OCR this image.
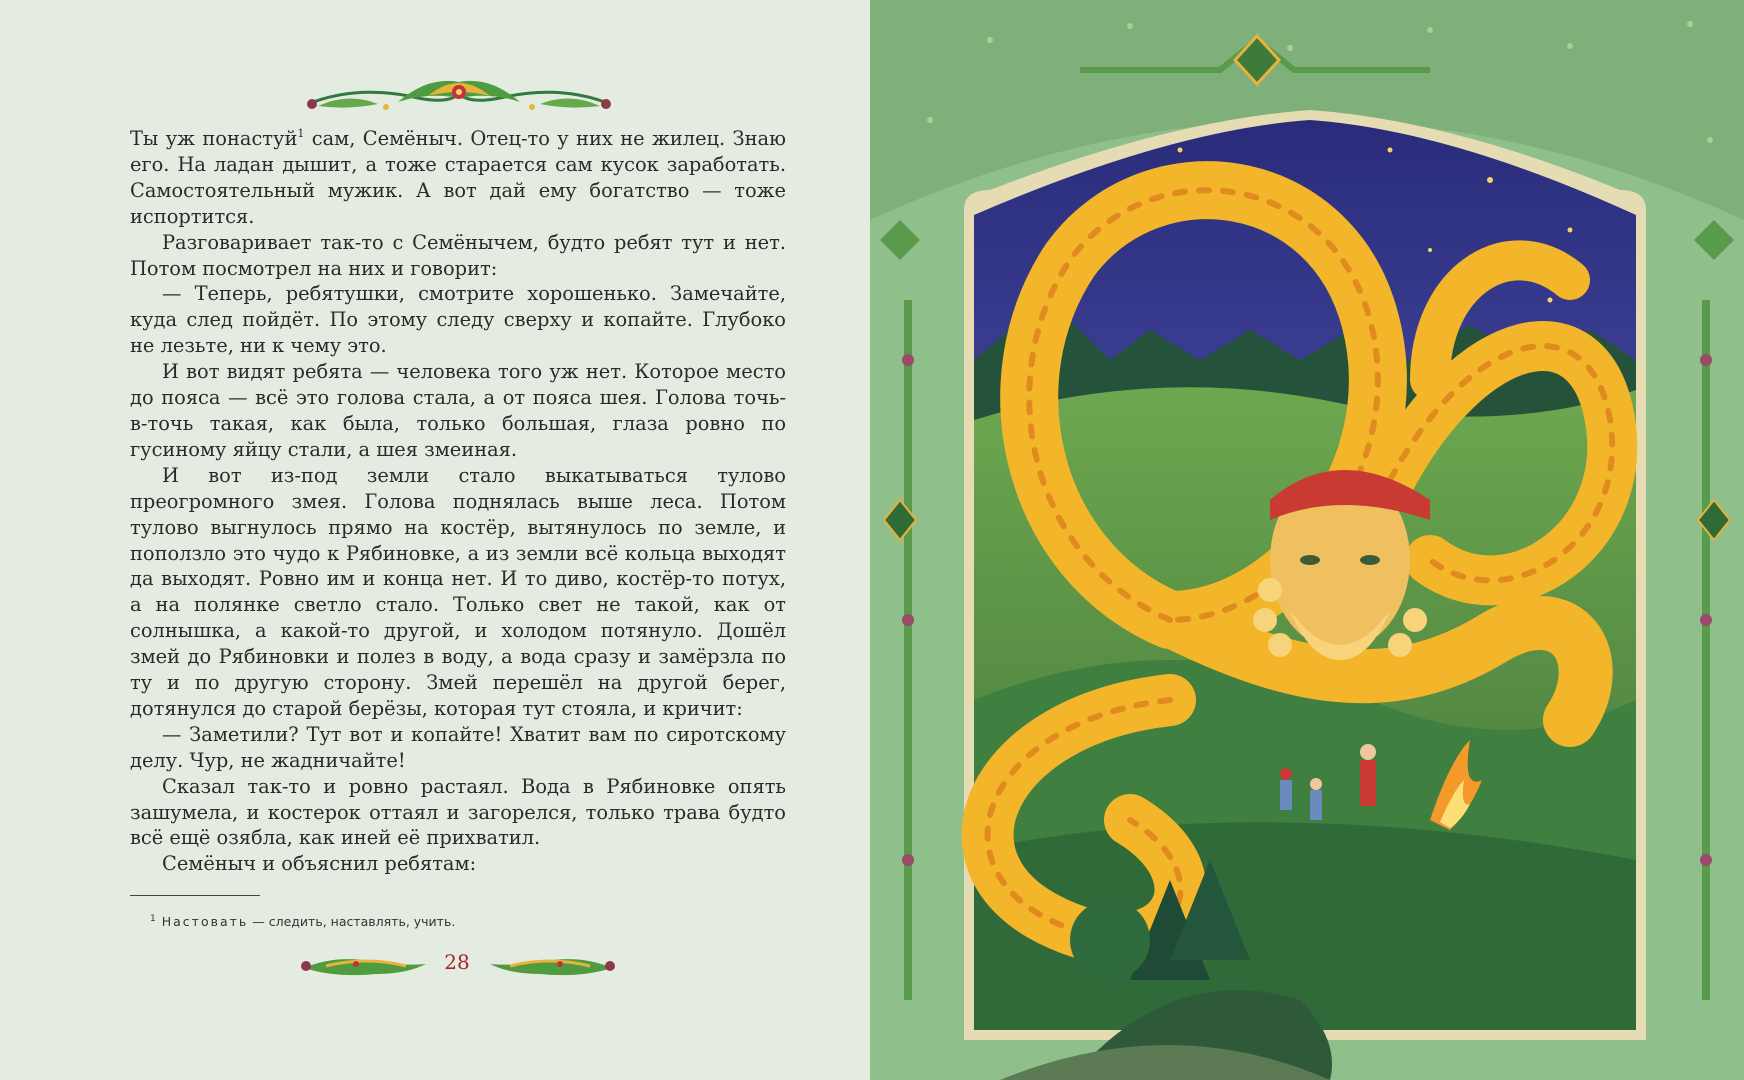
Ты уж понастуй$^1$ сам, Семёныч. Отец-то у них не жилец. Знаю его. На ладан дышит, а тоже старается сам кусок заработать. Самостоятельный мужик. А вот дай ему богатство — тоже испортится.

Разговаривает так-то с Семёнычем, будто ребят тут и нет. Потом посмотрел на них и говорит:

— Теперь, ребятушки, смотрите хорошенько. Замечайте, куда след пойдёт. По этому следу сверху и копайте. Глубоко не лезьте, ни к чему это.

И вот видят ребята — человека того уж нет. Которое место до пояса — всё это голова стала, а от пояса шея. Голова точь-в-точь такая, как была, только большая, глаза ровно по гусиному яйцу стали, а шея змеиная.

И вот из-под земли стало выкатываться тулово преогромного змея. Голова поднялась выше леса. Потом тулово выгнулось прямо на костёр, вытянулось по земле, и поползло это чудо к Рябиновке, а из земли всё кольца выходят да выходят. Ровно им и конца нет. И то диво, костёр-то потух, а на полянке светло стало. Только свет не такой, как от солнышка, а какой-то другой, и холодом потянуло. Дошёл змей до Рябиновки и полез в воду, а вода сразу и замёрзла по ту и по другую сторону. Змей перешёл на другой берег, дотянулся до старой берёзы, которая тут стояла, и кричит:

— Заметили? Тут вот и копайте! Хватит вам по сиротскому делу. Чур, не жадничайте!

Сказал так-то и ровно растаял. Вода в Рябиновке опять зашумела, и костерок оттаял и загорелся, только трава будто всё ещё озябла, как иней её прихватил.

Семёныч и объяснил ребятам:

$^1$ Настовать — следить, наставлять, учить.
28
